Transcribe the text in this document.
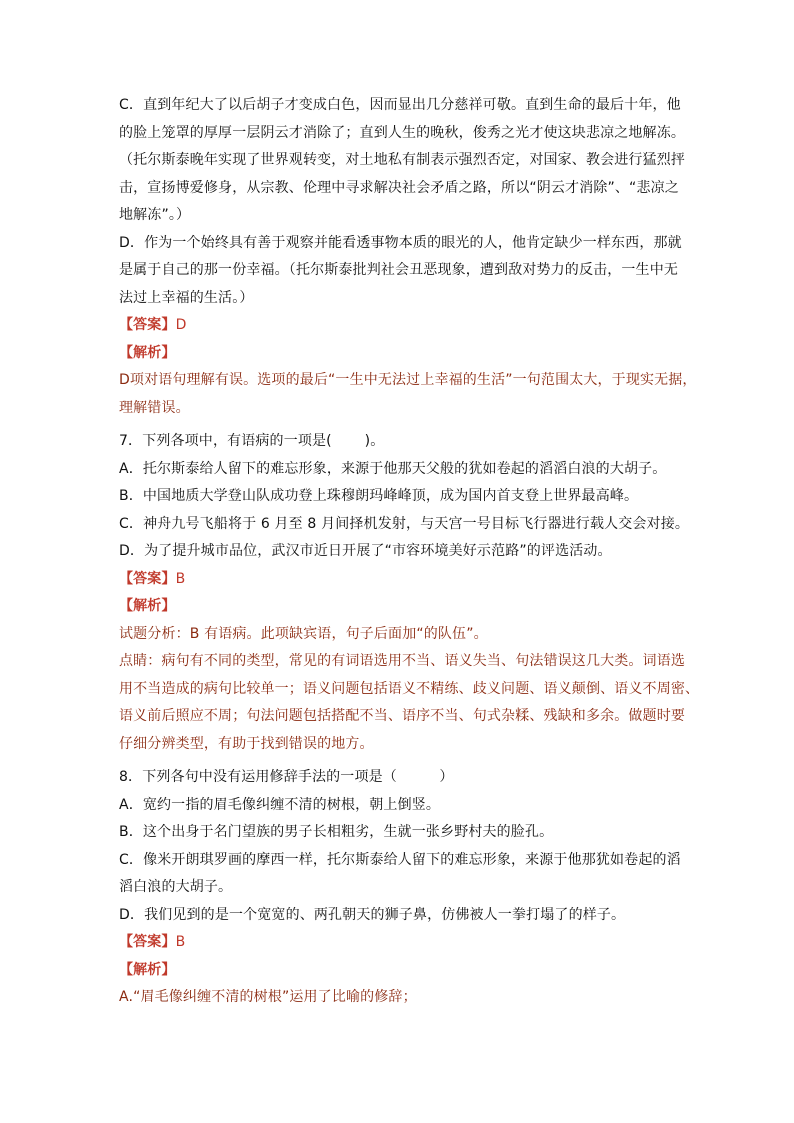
C．直到年纪大了以后胡子才变成白色，因而显出几分慈祥可敬。直到生命的最后十年，他

的脸上笼罩的厚厚一层阴云才消除了；直到人生的晚秋，俊秀之光才使这块悲凉之地解冻。

（托尔斯泰晚年实现了世界观转变，对土地私有制表示强烈否定，对国家、教会进行猛烈抨

击，宣扬博爱修身，从宗教、伦理中寻求解决社会矛盾之路，所以“阴云才消除”、“悲凉之

地解冻”。）

D．作为一个始终具有善于观察并能看透事物本质的眼光的人，他肯定缺少一样东西，那就

是属于自己的那一份幸福。（托尔斯泰批判社会丑恶现象，遭到敌对势力的反击，一生中无

法过上幸福的生活。）

【答案】D

【解析】

D项对语句理解有误。选项的最后“一生中无法过上幸福的生活”一句范围太大，于现实无据，

理解错误。

7．下列各项中，有语病的一项是(　　 )。

A．托尔斯泰给人留下的难忘形象，来源于他那天父般的犹如卷起的滔滔白浪的大胡子。

B．中国地质大学登山队成功登上珠穆朗玛峰峰顶，成为国内首支登上世界最高峰。

C．神舟九号飞船将于 6 月至 8 月间择机发射，与天宫一号目标飞行器进行载人交会对接。

D．为了提升城市品位，武汉市近日开展了“市容环境美好示范路”的评选活动。

【答案】B

【解析】

试题分析：B 有语病。此项缺宾语，句子后面加“的队伍”。

点睛：病句有不同的类型，常见的有词语选用不当、语义失当、句法错误这几大类。词语选

用不当造成的病句比较单一；语义问题包括语义不精练、歧义问题、语义颠倒、语义不周密、

语义前后照应不周；句法问题包括搭配不当、语序不当、句式杂糅、残缺和多余。做题时要

仔细分辨类型，有助于找到错误的地方。

8．下列各句中没有运用修辞手法的一项是（　　　）

A．宽约一指的眉毛像纠缠不清的树根，朝上倒竖。

B．这个出身于名门望族的男子长相粗劣，生就一张乡野村夫的脸孔。

C．像米开朗琪罗画的摩西一样，托尔斯泰给人留下的难忘形象，来源于他那犹如卷起的滔

滔白浪的大胡子。

D．我们见到的是一个宽宽的、两孔朝天的狮子鼻，仿佛被人一拳打塌了的样子。

【答案】B

【解析】

A.“眉毛像纠缠不清的树根”运用了比喻的修辞；
